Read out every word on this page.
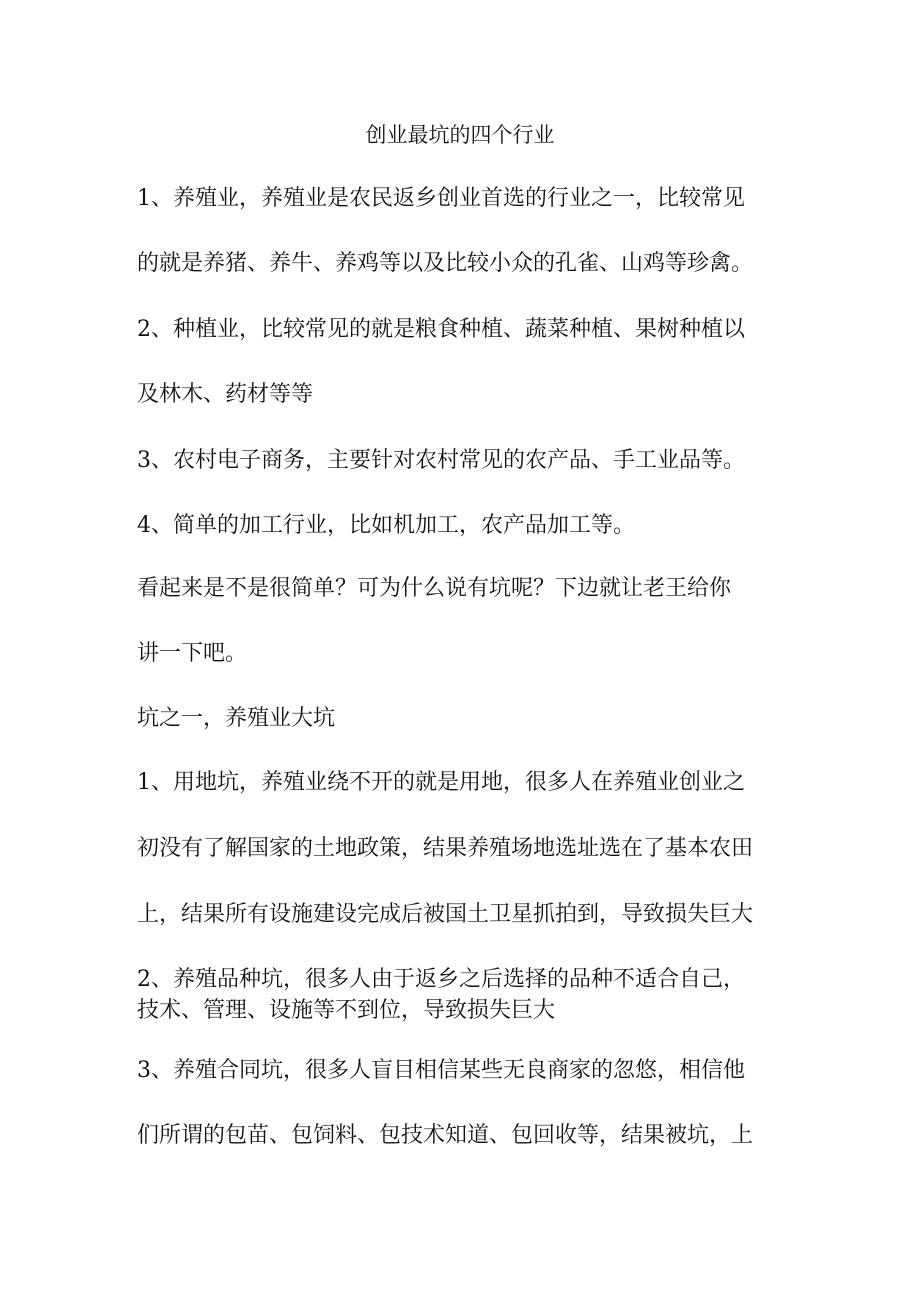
创业最坑的四个行业

1、养殖业，养殖业是农民返乡创业首选的行业之一，比较常见

的就是养猪、养牛、养鸡等以及比较小众的孔雀、山鸡等珍禽。

2、种植业，比较常见的就是粮食种植、蔬菜种植、果树种植以

及林木、药材等等

3、农村电子商务，主要针对农村常见的农产品、手工业品等。

4、简单的加工行业，比如机加工，农产品加工等。

看起来是不是很简单？可为什么说有坑呢？下边就让老王给你

讲一下吧。

坑之一，养殖业大坑

1、用地坑，养殖业绕不开的就是用地，很多人在养殖业创业之

初没有了解国家的土地政策，结果养殖场地选址选在了基本农田

上，结果所有设施建设完成后被国土卫星抓拍到，导致损失巨大

2、养殖品种坑，很多人由于返乡之后选择的品种不适合自己，

技术、管理、设施等不到位，导致损失巨大

3、养殖合同坑，很多人盲目相信某些无良商家的忽悠，相信他

们所谓的包苗、包饲料、包技术知道、包回收等，结果被坑，上
